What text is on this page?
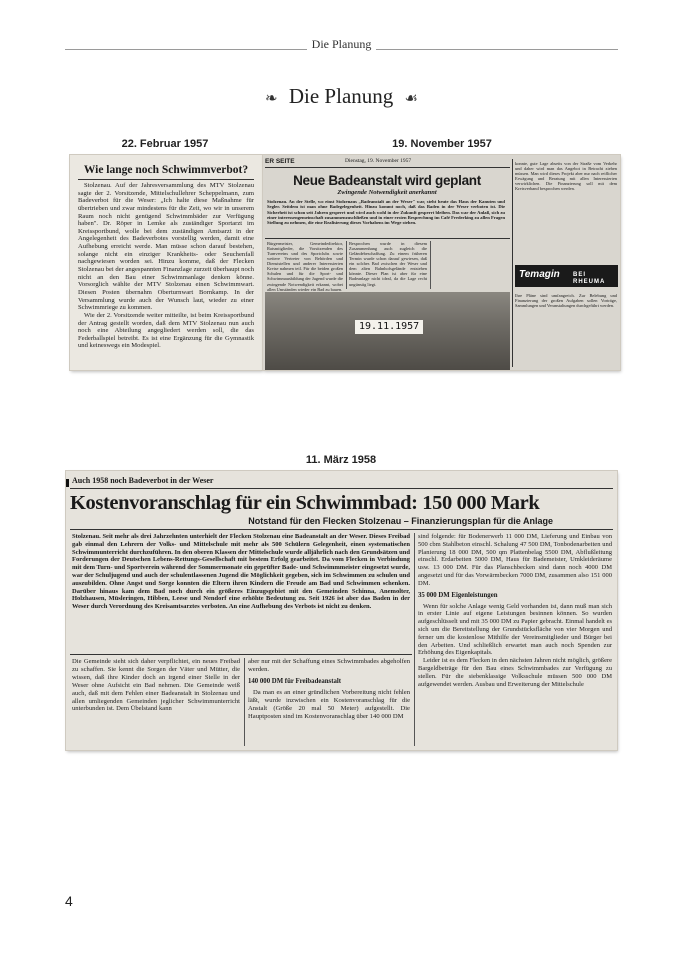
Die Planung
❧ Die Planung ☙
22. Februar 1957
Wie lange noch Schwimmverbot?
Stolzenau. Auf der Jahresversammlung des MTV Stolzenau sagte der 2. Vorsitzende, Mittelschullehrer Scheppelmann, zum Badeverbot für die Weser: „Ich halte diese Maßnahme für übertrieben und zwar mindestens für die Zeit, wo wir in unserem Raum noch nicht genügend Schwimmbäder zur Verfügung haben". Dr. Röper in Lemke als zuständiger Sportarzt im Kreissportbund, wolle bei dem zuständigen Amtsarzt in der Angelegenheit des Badeverbotes vorstellig werden, damit eine Aufhebung erreicht werde. Man müsse schon darauf bestehen, solange nicht ein einziger Krankheits- oder Seuchenfall nachgewiesen worden sei. Hinzu komme, daß der Flecken Stolzenau bei der angespannten Finanzlage zurzeit überhaupt noch nicht an den Bau einer Schwimmanlage denken könne. Vorsorglich wählte der MTV Stolzenau einen Schwimmwart. Diesen Posten übernahm Oberturnwart Bornkamp. In der Versammlung wurde auch der Wunsch laut, wieder zu einer Schwimmriege zu kommen.
Wie der 2. Vorsitzende weiter mitteilte, ist beim Kreissportbund der Antrag gestellt worden, daß dem MTV Stolzenau nun auch noch eine Abteilung angegliedert werden soll, die das Federballspiel betreibt. Es ist eine Ergänzung für die Gymnastik und keineswegs ein Modespiel.
19. November 1957
ER SEITE	Dienstag, 19. November 1957
Neue Badeanstalt wird geplant
Zwingende Notwendigkeit anerkannt
Stolzenau. An der Stelle, wo einst Stolzenaus „Badeanstalt an der Weser" war, steht heute das Haus der Kanuten und Segler. Seitdem ist man ohne Badegelegenheit. Hinzu kommt noch, daß das Baden in der Weser verboten ist. Die Sicherheit ist schon seit Jahren gesperrt und wird auch wohl in der Zukunft gesperrt bleiben. Das war der Anlaß, sich zu einer interessengemeinschaft zusammenzuschließen und in einer ersten Besprechung im Café Frederking zu allen Fragen Stellung zu nehmen, die eine Realisierung dieses Vorhabens im Wege stehen.
Bürgermeister, Gemeindedirektor, Ratsmitglieder, die Vorsitzenden des Turnvereins und des Sportclubs sowie weitere Vertreter von Behörden und Dienststellen und anderer Interessierten Kreise nahmen teil. Für die beiden großen Schulen und für die Sport- und Schwimmausbildung der Jugend wurde die zwingende Notwendigkeit erkannt, wobei allen Umständen wieder ein Bad zu bauen.
Besprochen wurde in diesem Zusammenhang auch zugleich die Geländebeschaffung. Zu einem früheren Termin wurde schon darauf gewiesen, daß ein solches Bad zwischen der Weser und dem alten Bahnhofsgelände entstehen könnte. Dieser Plan ist aber für eine Badeanlage nicht ideal, da die Lage recht ungünstig liegt.
19.11.1957
konnte, gute Lage abseits von der Straße vom Verkehr und daher wird man das Angebot in Betracht ziehen müssen. Man wird dieses Projekt aber nur nach reiflicher Erwägung und Beratung mit allen Interessierten verwirklichen. Die Finanzierung soll mit dem Kreisverband besprochen werden.
Temagin BEI RHEUMA
Ihre Pläne sind umfangreich. Zur Belebung und Finanzierung der großen Aufgaben sollen Vorträge, Sammlungen und Veranstaltungen durchgeführt werden.
11. März 1958
Auch 1958 noch Badeverbot in der Weser
Kostenvoranschlag für ein Schwimmbad: 150 000 Mark
Notstand für den Flecken Stolzenau – Finanzierungsplan für die Anlage
Stolzenau. Seit mehr als drei Jahrzehnten unterhielt der Flecken Stolzenau eine Badeanstalt an der Weser. Dieses Freibad gab einmal den Lehrern der Volks- und Mittelschule mit mehr als 500 Schülern Gelegenheit, einen systematischen Schwimmunterricht durchzuführen. In den oberen Klassen der Mittelschule wurde alljährlich nach den Grundsätzen und Forderungen der Deutschen Lebens-Rettungs-Gesellschaft mit bestem Erfolg gearbeitet. Da vom Flecken in Verbindung mit dem Turn- und Sportverein während der Sommermonate ein geprüfter Bade- und Schwimmmeister eingesetzt wurde, war der Schuljugend und auch der schulentlassenen Jugend die Möglichkeit gegeben, sich im Schwimmen zu schulen und auszubilden. Ohne Angst und Sorge konnten die Eltern ihren Kindern die Freude am Bad und Schwimmen schenken. Darüber hinaus kam dem Bad noch durch ein größeres Einzugsgebiet mit den Gemeinden Schinna, Anemolter, Holzhausen, Müsleringen, Hibben, Leese und Nendorf eine erhöhte Bedeutung zu. Seit 1926 ist aber das Baden in der Weser durch Verordnung des Kreisamtsarztes verboten. An eine Aufhebung des Verbots ist nicht zu denken.
Die Gemeinde sieht sich daher verpflichtet, ein neues Freibad zu schaffen. Sie kennt die Sorgen der Väter und Mütter, die wissen, daß ihre Kinder doch an irgend einer Stelle in der Weser ohne Aufsicht ein Bad nehmen. Die Gemeinde weiß auch, daß mit dem Fehlen einer Badeanstalt in Stolzenau und allen umliegenden Gemeinden jeglicher Schwimmunterricht unterbunden ist. Dem Übelstand kann
aber nur mit der Schaffung eines Schwimmbades abgeholfen werden.
140 000 DM für Freibadeanstalt
Da man es an einer gründlichen Vorbereitung nicht fehlen läßt, wurde inzwischen ein Kostenvoranschlag für die Anstalt (Größe 20 mal 50 Meter) aufgestellt. Die Hauptposten sind im Kostenvoranschlag über 140 000 DM
sind folgende: für Bodenerwerb 11 000 DM, Lieferung und Einbau von 500 cbm Stahlbeton einschl. Schalung 47 500 DM, Tonbodenarbeiten und Planierung 18 000 DM, 500 qm Plattenbelag 5500 DM, Abflußleitung einschl. Erdarbeiten 5000 DM, Haus für Bademeister, Umkleideräume usw. 13 000 DM. Für das Planschbecken sind dann noch 4000 DM angesetzt und für das Vorwärmbecken 7000 DM, zusammen also 151 000 DM.
35 000 DM Eigenleistungen
Wenn für solche Anlage wenig Geld vorhanden ist, dann muß man sich in erster Linie auf eigene Leistungen besinnen können. So wurden aufgeschlüsselt und mit 35 000 DM zu Papier gebracht. Einmal handelt es sich um die Bereitstellung der Grundstücksfläche von vier Morgen und ferner um die kostenlose Mithilfe der Vereinsmitglieder und Bürger bei den Arbeiten. Und schließlich erwartet man auch noch Spenden zur Erhöhung des Eigenkapitals.
Leider ist es dem Flecken in den nächsten Jahren nicht möglich, größere Bargeldbeträge für den Bau eines Schwimmbades zur Verfügung zu stellen. Für die siebenklassige Volksschule müssen 500 000 DM aufgewendet werden. Ausbau und Erweiterung der Mittelschule
4
